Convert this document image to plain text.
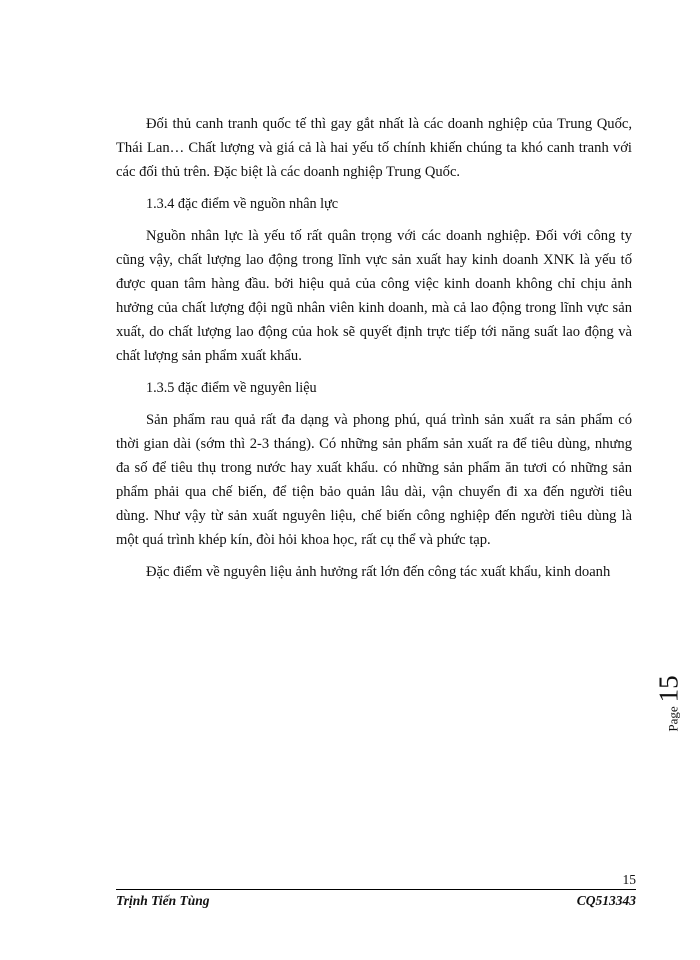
Đối thủ canh tranh quốc tế thì gay gắt nhất là các doanh nghiệp của Trung Quốc, Thái Lan… Chất lượng và giá cả là hai yếu tố chính khiến chúng ta khó canh tranh với các đối thủ trên. Đặc biệt là các doanh nghiệp Trung Quốc.

1.3.4 đặc điểm về nguồn nhân lực

Nguồn nhân lực là yếu tố rất quân trọng với các doanh nghiệp. Đối với công ty cũng vậy, chất lượng lao động trong lĩnh vực sản xuất hay kinh doanh XNK là yếu tố được quan tâm hàng đầu. bởi hiệu quả của công việc kinh doanh không chỉ chịu ảnh hưởng của chất lượng đội ngũ nhân viên kinh doanh, mà cả lao động trong lĩnh vực sản xuất, do chất lượng lao động của hok sẽ quyết định trực tiếp tới năng suất lao động và chất lượng sản phẩm xuất khẩu.

1.3.5 đặc điểm về nguyên liệu

Sản phẩm rau quả rất đa dạng và phong phú, quá trình sản xuất ra sản phẩm có thời gian dài (sớm thì 2-3 tháng). Có những sản phẩm sản xuất ra để tiêu dùng, nhưng đa số để tiêu thụ trong nước hay xuất khẩu. có những sản phẩm ăn tươi có những sản phẩm phải qua chế biến, để tiện bảo quản lâu dài, vận chuyển đi xa đến người tiêu dùng. Như vậy từ sản xuất nguyên liệu, chế biến công nghiệp đến người tiêu dùng là một quá trình khép kín, đòi hỏi khoa học, rất cụ thể và phức tạp.

Đặc điểm về nguyên liệu ảnh hưởng rất lớn đến công tác xuất khẩu, kinh doanh

Page
15
15
Trịnh Tiến Tùng	CQ513343
